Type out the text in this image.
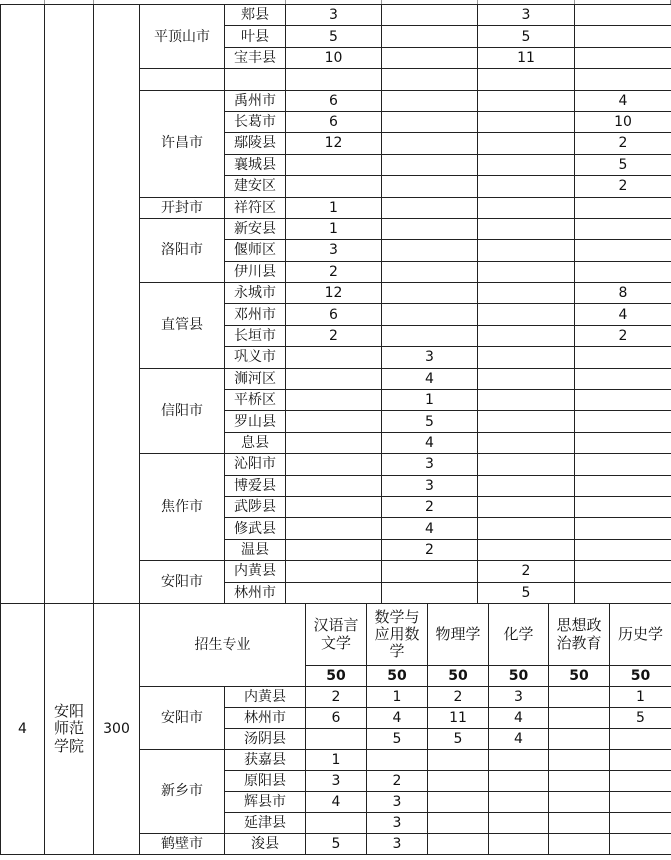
			平顶山市	郏县	3		3	
				叶县	5		5	
				宝丰县	10		11	

			许昌市	禹州市	6			4
				长葛市	6			10
				鄢陵县	12			2
				襄城县				5
				建安区				2
			开封市	祥符区	1			
			洛阳市	新安县	1			
				偃师区	3			
				伊川县	2			
			直管县	永城市	12			8
				邓州市	6			4
				长垣市	2			2
				巩义市		3		
			信阳市	浉河区		4		
				平桥区		1		
				罗山县		5		
				息县		4		
			焦作市	沁阳市		3		
				博爱县		3		
				武陟县		2		
				修武县		4		
				温县		2		
			安阳市	内黄县			2	
				林州市			5	
4	安阳师范学院	300	招生专业		汉语言文学	数学与应用数学	物理学	化学	思想政治教育	历史学
					50	50	50	50	50	50
			安阳市	内黄县	2	1	2	3		1
				林州市	6	4	11	4		5
				汤阴县		5	5	4		
			新乡市	获嘉县	1					
				原阳县	3	2				
				辉县市	4	3				
				延津县		3				
			鹤壁市	浚县	5	3				
